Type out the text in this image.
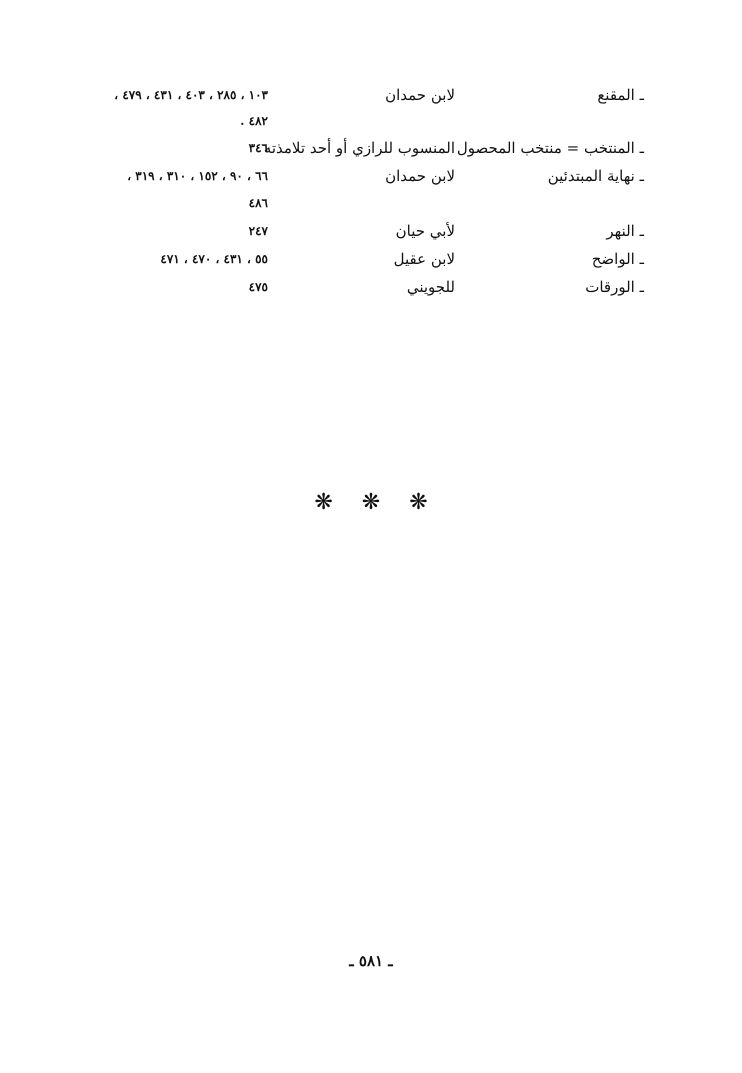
ـ المقنع
لابن حمدان
١٠٣ ، ٢٨٥ ، ٤٠٣ ، ٤٣١ ، ٤٧٩ ،
٤٨٢ .
ـ المنتخب = منتخب المحصول
المنسوب للرازي أو أحد تلامذته
٣٤٦
ـ نهاية المبتدئين
لابن حمدان
٦٦ ، ٩٠ ، ١٥٢ ، ٣١٠ ، ٣١٩ ،
٤٨٦
ـ النهر
لأبي حيان
٢٤٧
ـ الواضح
لابن عقيل
٥٥ ، ٤٣١ ، ٤٧٠ ، ٤٧١
ـ الورقات
للجويني
٤٧٥
❋ ❋ ❋
ـ ٥٨١ ـ
